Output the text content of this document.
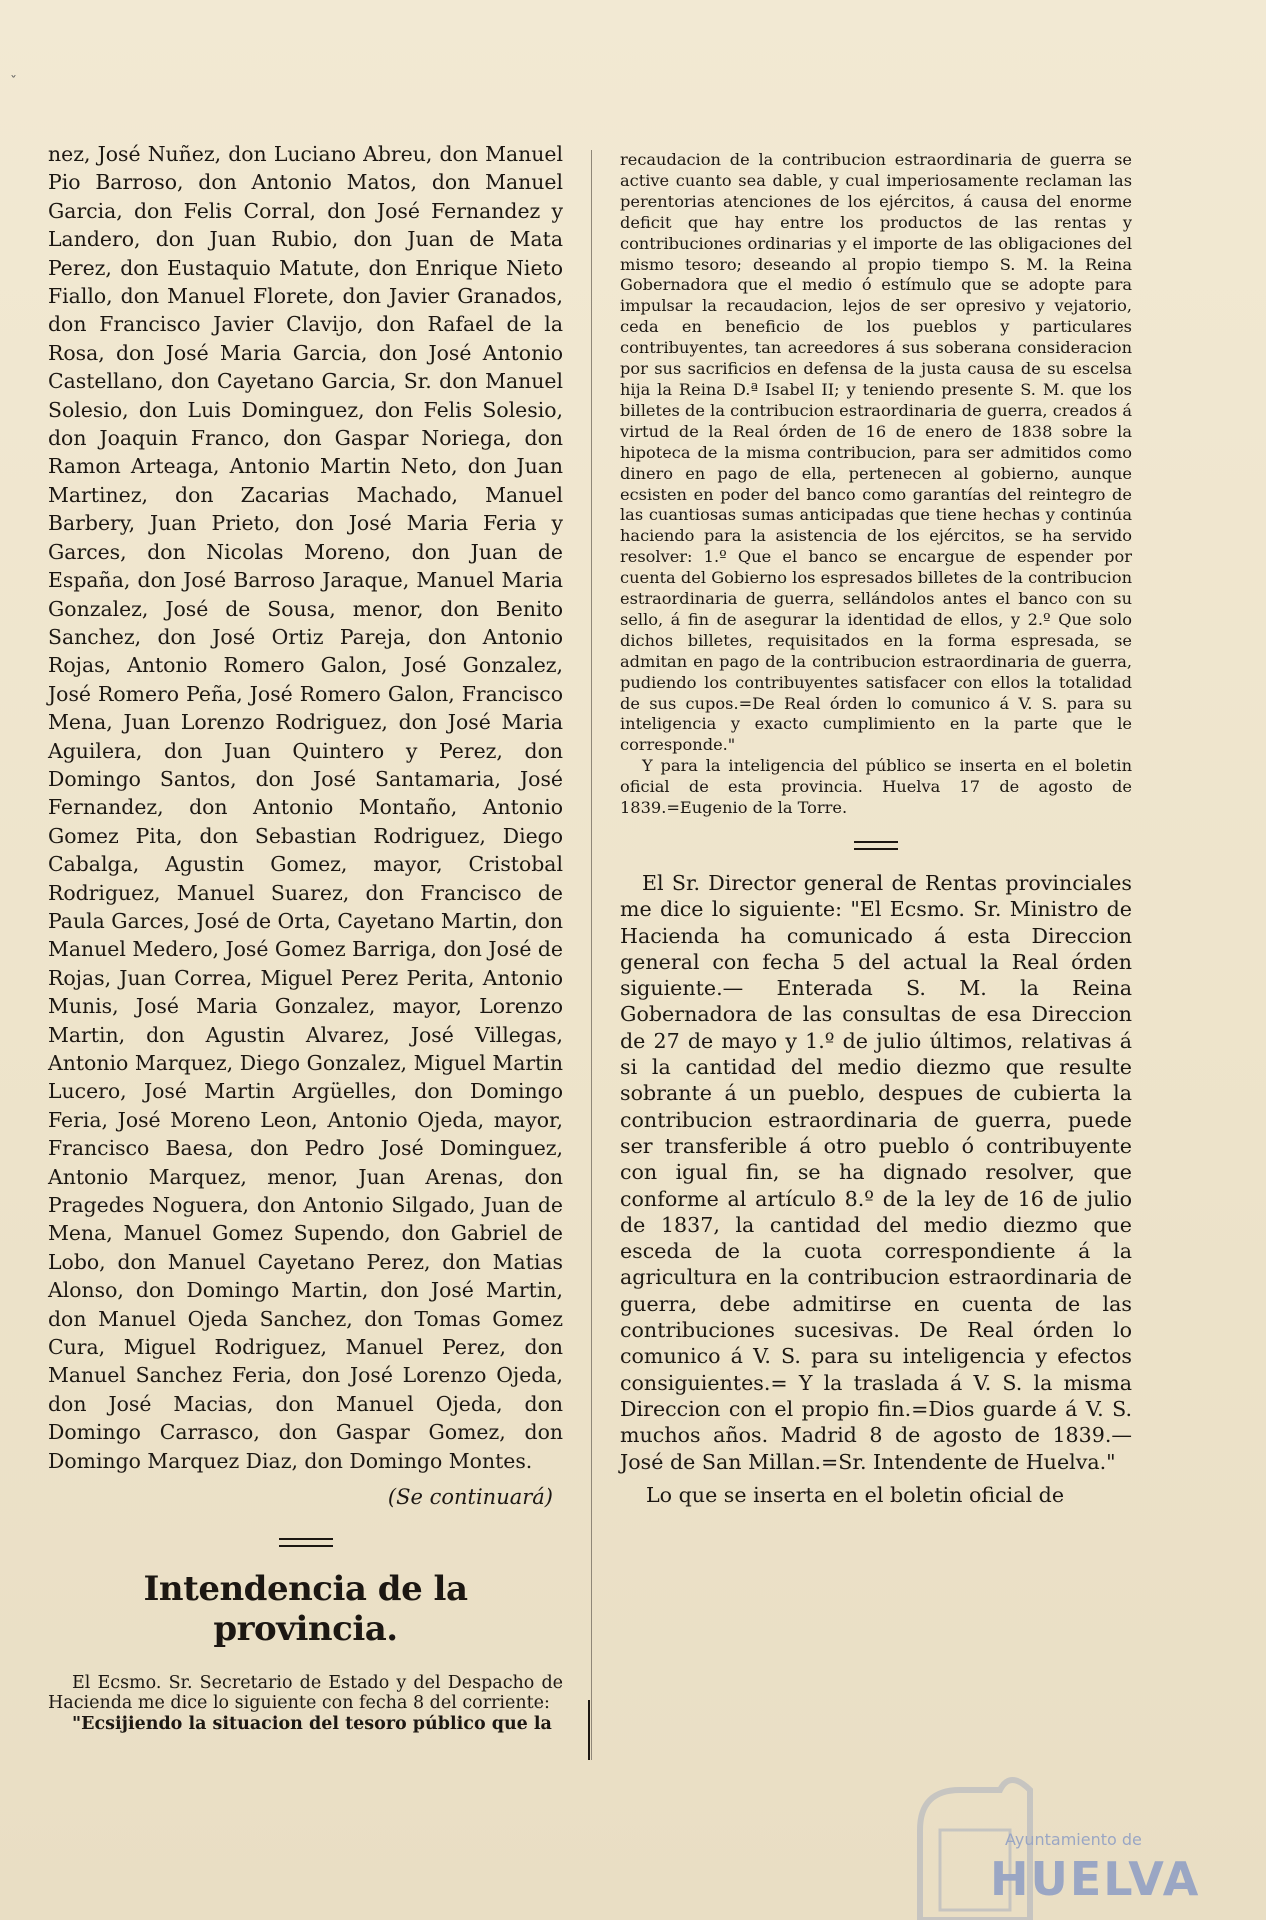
ˇ

nez, José Nuñez, don Luciano Abreu, don Manuel Pio Barroso, don Antonio Matos, don Manuel Garcia, don Felis Corral, don José Fernandez y Landero, don Juan Rubio, don Juan de Mata Perez, don Eustaquio Matute, don Enrique Nieto Fiallo, don Manuel Florete, don Javier Granados, don Francisco Javier Clavijo, don Rafael de la Rosa, don José Maria Garcia, don José Antonio Castellano, don Cayetano Garcia, Sr. don Manuel Solesio, don Luis Dominguez, don Felis Solesio, don Joaquin Franco, don Gaspar Noriega, don Ramon Arteaga, Antonio Martin Neto, don Juan Martinez, don Zacarias Machado, Manuel Barbery, Juan Prieto, don José Maria Feria y Garces, don Nicolas Moreno, don Juan de España, don José Barroso Jaraque, Manuel Maria Gonzalez, José de Sousa, menor, don Benito Sanchez, don José Ortiz Pareja, don Antonio Rojas, Antonio Romero Galon, José Gonzalez, José Romero Peña, José Romero Galon, Francisco Mena, Juan Lorenzo Rodriguez, don José Maria Aguilera, don Juan Quintero y Perez, don Domingo Santos, don José Santamaria, José Fernandez, don Antonio Montaño, Antonio Gomez Pita, don Sebastian Rodriguez, Diego Cabalga, Agustin Gomez, mayor, Cristobal Rodriguez, Manuel Suarez, don Francisco de Paula Garces, José de Orta, Cayetano Martin, don Manuel Medero, José Gomez Barriga, don José de Rojas, Juan Correa, Miguel Perez Perita, Antonio Munis, José Maria Gonzalez, mayor, Lorenzo Martin, don Agustin Alvarez, José Villegas, Antonio Marquez, Diego Gonzalez, Miguel Martin Lucero, José Martin Argüelles, don Domingo Feria, José Moreno Leon, Antonio Ojeda, mayor, Francisco Baesa, don Pedro José Dominguez, Antonio Marquez, menor, Juan Arenas, don Pragedes Noguera, don Antonio Silgado, Juan de Mena, Manuel Gomez Supendo, don Gabriel de Lobo, don Manuel Cayetano Perez, don Matias Alonso, don Domingo Martin, don José Martin, don Manuel Ojeda Sanchez, don Tomas Gomez Cura, Miguel Rodriguez, Manuel Perez, don Manuel Sanchez Feria, don José Lorenzo Ojeda, don José Macias, don Manuel Ojeda, don Domingo Carrasco, don Gaspar Gomez, don Domingo Marquez Diaz, don Domingo Montes.

(Se continuará)

Intendencia de la provincia.

El Ecsmo. Sr. Secretario de Estado y del Despacho de Hacienda me dice lo siguiente con fecha 8 del corriente:

"Ecsijiendo la situacion del tesoro público que la

recaudacion de la contribucion estraordinaria de guerra se active cuanto sea dable, y cual imperiosamente reclaman las perentorias atenciones de los ejércitos, á causa del enorme deficit que hay entre los productos de las rentas y contribuciones ordinarias y el importe de las obligaciones del mismo tesoro; deseando al propio tiempo S. M. la Reina Gobernadora que el medio ó estímulo que se adopte para impulsar la recaudacion, lejos de ser opresivo y vejatorio, ceda en beneficio de los pueblos y particulares contribuyentes, tan acreedores á sus soberana consideracion por sus sacrificios en defensa de la justa causa de su escelsa hija la Reina D.ª Isabel II; y teniendo presente S. M. que los billetes de la contribucion estraordinaria de guerra, creados á virtud de la Real órden de 16 de enero de 1838 sobre la hipoteca de la misma contribucion, para ser admitidos como dinero en pago de ella, pertenecen al gobierno, aunque ecsisten en poder del banco como garantías del reintegro de las cuantiosas sumas anticipadas que tiene hechas y continúa haciendo para la asistencia de los ejércitos, se ha servido resolver: 1.º Que el banco se encargue de espender por cuenta del Gobierno los espresados billetes de la contribucion estraordinaria de guerra, sellándolos antes el banco con su sello, á fin de asegurar la identidad de ellos, y 2.º Que solo dichos billetes, requisitados en la forma espresada, se admitan en pago de la contribucion estraordinaria de guerra, pudiendo los contribuyentes satisfacer con ellos la totalidad de sus cupos.=De Real órden lo comunico á V. S. para su inteligencia y exacto cumplimiento en la parte que le corresponde."

Y para la inteligencia del público se inserta en el boletin oficial de esta provincia. Huelva 17 de agosto de 1839.=Eugenio de la Torre.

El Sr. Director general de Rentas provinciales me dice lo siguiente: "El Ecsmo. Sr. Ministro de Hacienda ha comunicado á esta Direccion general con fecha 5 del actual la Real órden siguiente.— Enterada S. M. la Reina Gobernadora de las consultas de esa Direccion de 27 de mayo y 1.º de julio últimos, relativas á si la cantidad del medio diezmo que resulte sobrante á un pueblo, despues de cubierta la contribucion estraordinaria de guerra, puede ser transferible á otro pueblo ó contribuyente con igual fin, se ha dignado resolver, que conforme al artículo 8.º de la ley de 16 de julio de 1837, la cantidad del medio diezmo que esceda de la cuota correspondiente á la agricultura en la contribucion estraordinaria de guerra, debe admitirse en cuenta de las contribuciones sucesivas. De Real órden lo comunico á V. S. para su inteligencia y efectos consiguientes.= Y la traslada á V. S. la misma Direccion con el propio fin.=Dios guarde á V. S. muchos años. Madrid 8 de agosto de 1839.— José de San Millan.=Sr. Intendente de Huelva."

Lo que se inserta en el boletin oficial de

Ayuntamiento de
HUELVA
